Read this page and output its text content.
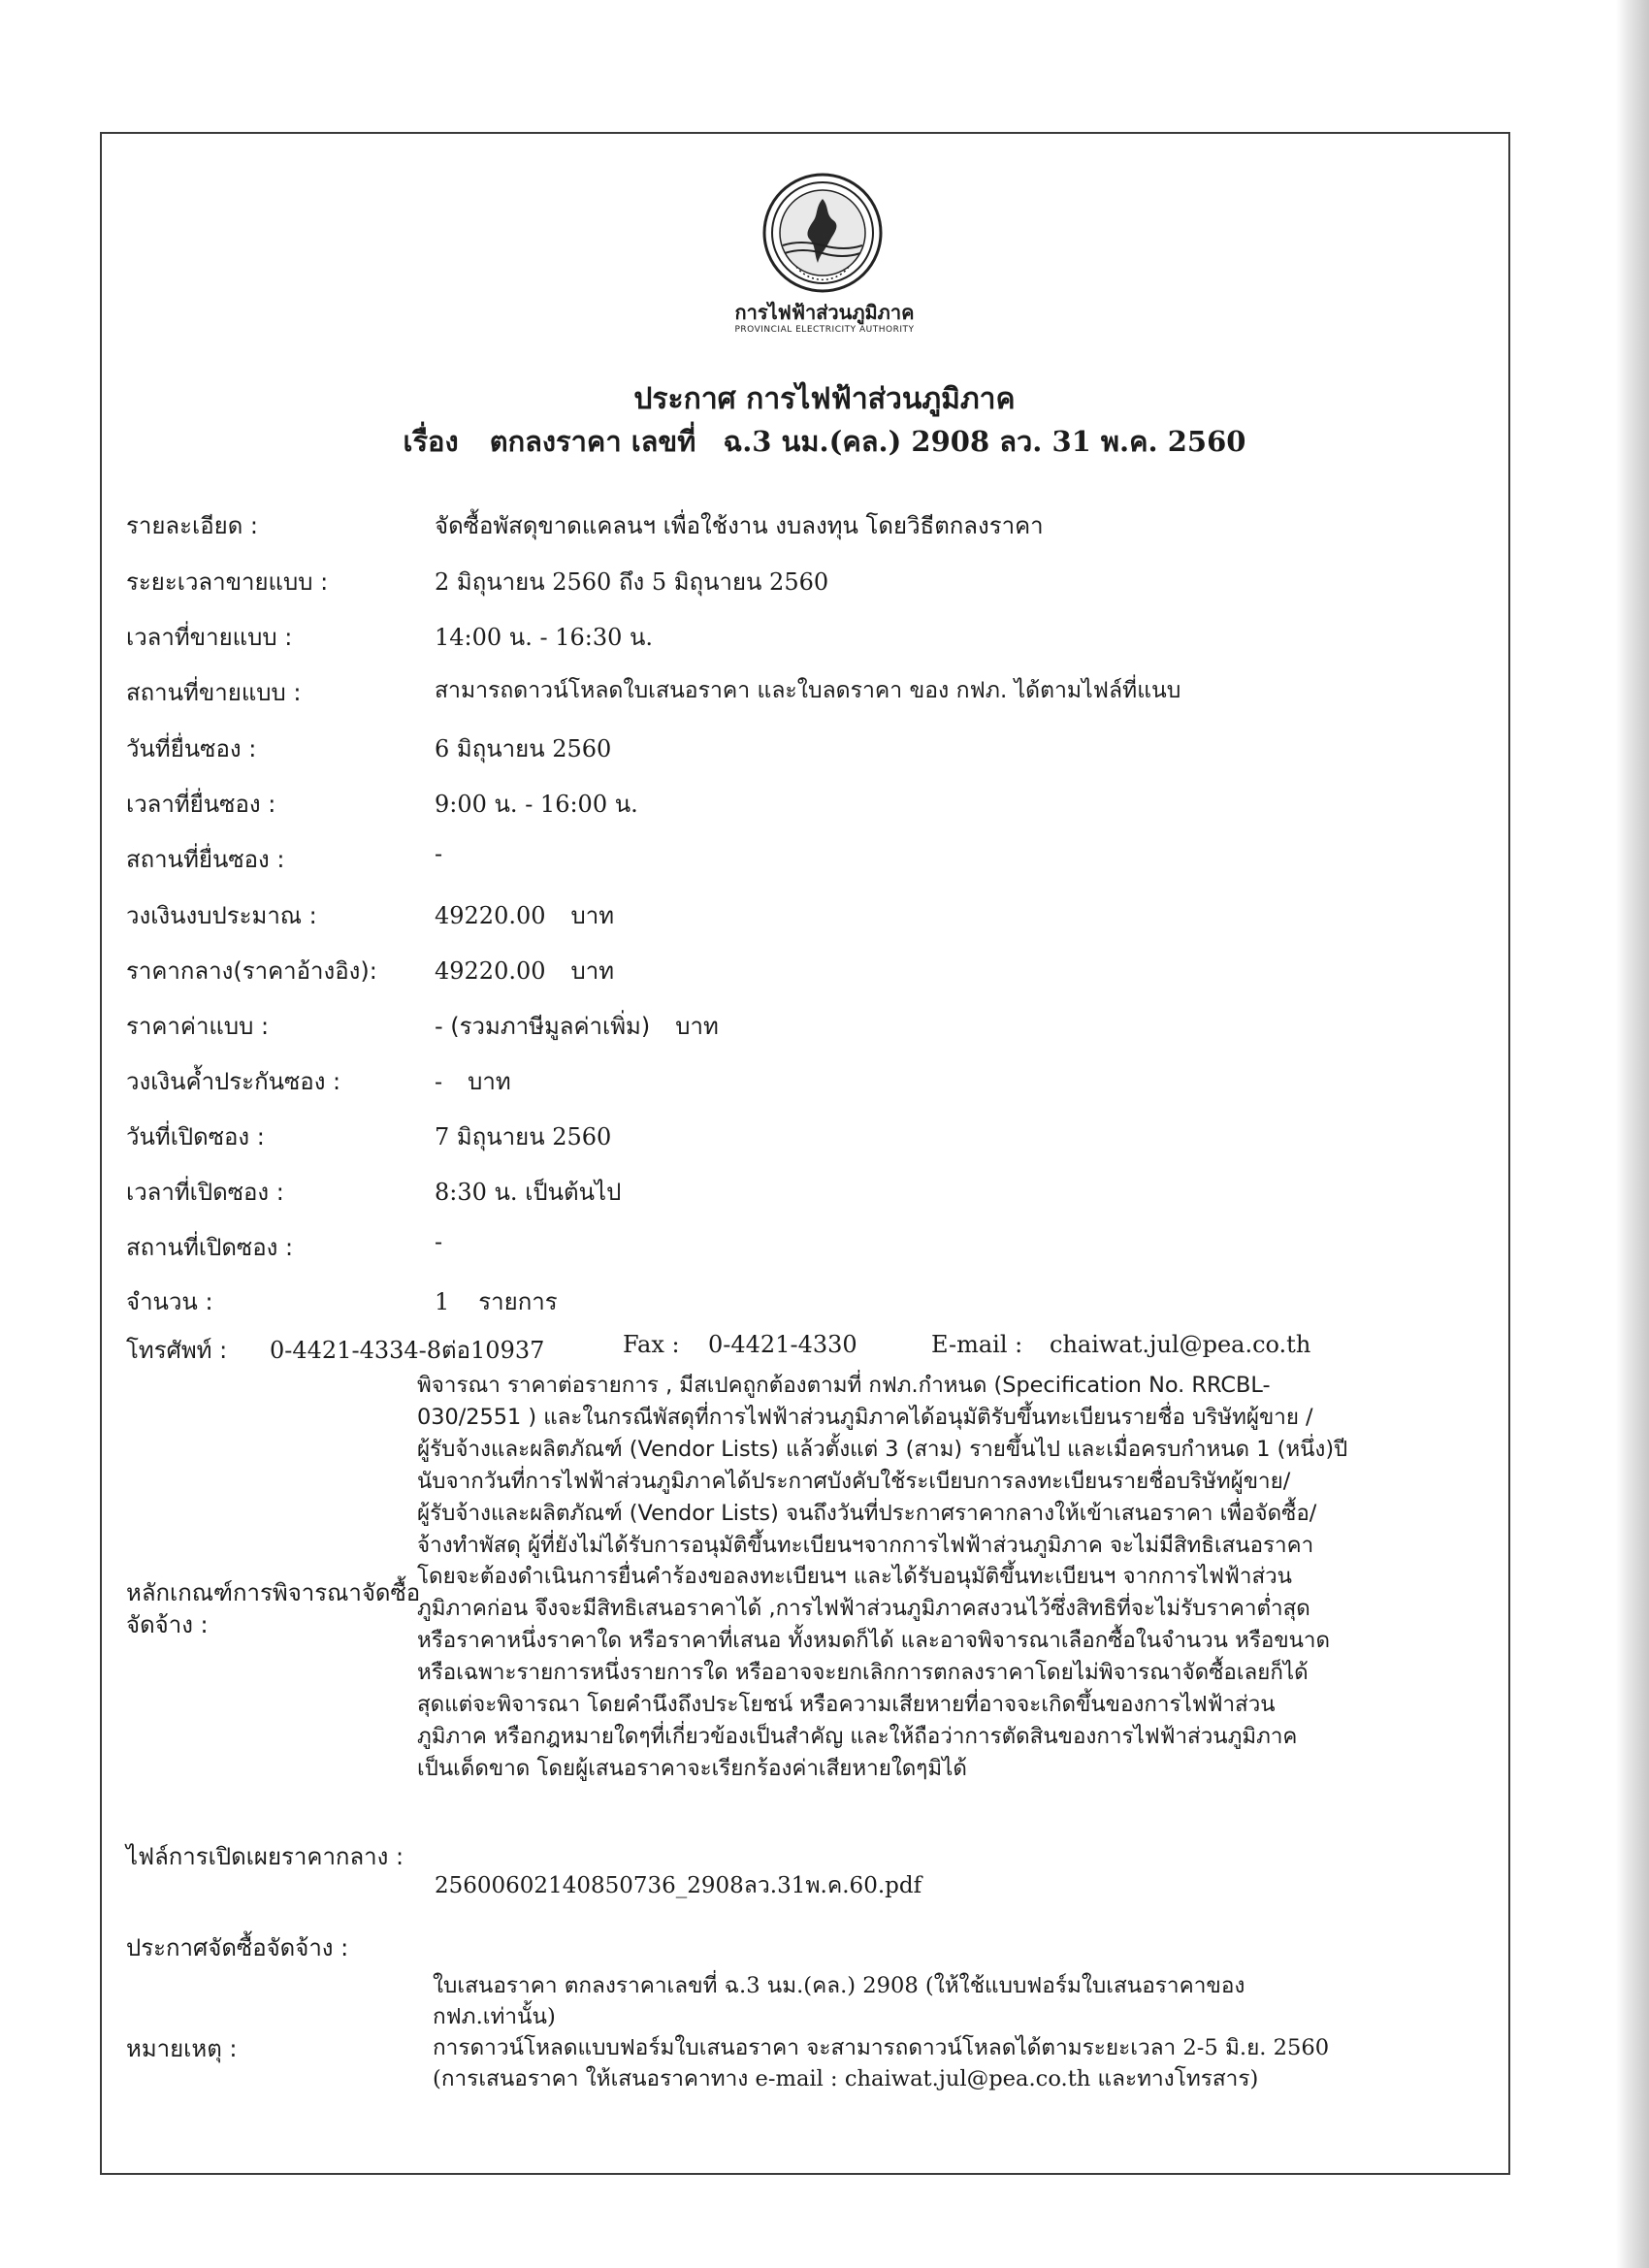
การไฟฟ้าส่วนภูมิภาค
PROVINCIAL ELECTRICITY AUTHORITY
ประกาศ การไฟฟ้าส่วนภูมิภาค
เรื่อง ตกลงราคา เลขที่ ฉ.3 นม.(คล.) 2908 ลว. 31 พ.ค. 2560
รายละเอียด :	จัดซื้อพัสดุขาดแคลนฯ เพื่อใช้งาน งบลงทุน โดยวิธีตกลงราคา
ระยะเวลาขายแบบ :	2 มิถุนายน 2560 ถึง 5 มิถุนายน 2560
เวลาที่ขายแบบ :	14:00 น. - 16:30 น.
สถานที่ขายแบบ :	สามารถดาวน์โหลดใบเสนอราคา และใบลดราคา ของ กฟภ. ได้ตามไฟล์ที่แนบ
วันที่ยื่นซอง :	6 มิถุนายน 2560
เวลาที่ยื่นซอง :	9:00 น. - 16:00 น.
สถานที่ยื่นซอง :	-
วงเงินงบประมาณ :	49220.00 บาท
ราคากลาง(ราคาอ้างอิง): 49220.00 บาท
ราคาค่าแบบ :	- (รวมภาษีมูลค่าเพิ่ม) บาท
วงเงินค้ำประกันซอง :	- บาท
วันที่เปิดซอง :	7 มิถุนายน 2560
เวลาที่เปิดซอง :	8:30 น. เป็นต้นไป
สถานที่เปิดซอง :	-
จำนวน :	1 รายการ
โทรศัพท์ : 0-4421-4334-8ต่อ10937	Fax : 0-4421-4330	E-mail : chaiwat.jul@pea.co.th
หลักเกณฑ์การพิจารณาจัดซื้อจัดจ้าง :
พิจารณา ราคาต่อรายการ , มีสเปคถูกต้องตามที่ กฟภ.กำหนด (Specification No. RRCBL-
030/2551 ) และในกรณีพัสดุที่การไฟฟ้าส่วนภูมิภาคได้อนุมัติรับขึ้นทะเบียนรายชื่อ บริษัทผู้ขาย /
ผู้รับจ้างและผลิตภัณฑ์ (Vendor Lists) แล้วตั้งแต่ 3 (สาม) รายขึ้นไป และเมื่อครบกำหนด 1 (หนึ่ง)ปี
นับจากวันที่การไฟฟ้าส่วนภูมิภาคได้ประกาศบังคับใช้ระเบียบการลงทะเบียนรายชื่อบริษัทผู้ขาย/
ผู้รับจ้างและผลิตภัณฑ์ (Vendor Lists) จนถึงวันที่ประกาศราคากลางให้เข้าเสนอราคา เพื่อจัดซื้อ/
จ้างทำพัสดุ ผู้ที่ยังไม่ได้รับการอนุมัติขึ้นทะเบียนฯจากการไฟฟ้าส่วนภูมิภาค จะไม่มีสิทธิเสนอราคา
โดยจะต้องดำเนินการยื่นคำร้องขอลงทะเบียนฯ และได้รับอนุมัติขึ้นทะเบียนฯ จากการไฟฟ้าส่วน
ภูมิภาคก่อน จึงจะมีสิทธิเสนอราคาได้ ,การไฟฟ้าส่วนภูมิภาคสงวนไว้ซึ่งสิทธิที่จะไม่รับราคาต่ำสุด
หรือราคาหนึ่งราคาใด หรือราคาที่เสนอ ทั้งหมดก็ได้ และอาจพิจารณาเลือกซื้อในจำนวน หรือขนาด
หรือเฉพาะรายการหนึ่งรายการใด หรืออาจจะยกเลิกการตกลงราคาโดยไม่พิจารณาจัดซื้อเลยก็ได้
สุดแต่จะพิจารณา โดยคำนึงถึงประโยชน์ หรือความเสียหายที่อาจจะเกิดขึ้นของการไฟฟ้าส่วน
ภูมิภาค หรือกฎหมายใดๆที่เกี่ยวข้องเป็นสำคัญ และให้ถือว่าการตัดสินของการไฟฟ้าส่วนภูมิภาค
เป็นเด็ดขาด โดยผู้เสนอราคาจะเรียกร้องค่าเสียหายใดๆมิได้
ไฟล์การเปิดเผยราคากลาง :
25600602140850736_2908ลว.31พ.ค.60.pdf
ประกาศจัดซื้อจัดจ้าง :
หมายเหตุ :
ใบเสนอราคา ตกลงราคาเลขที่ ฉ.3 นม.(คล.) 2908 (ให้ใช้แบบฟอร์มใบเสนอราคาของ
กฟภ.เท่านั้น)
การดาวน์โหลดแบบฟอร์มใบเสนอราคา จะสามารถดาวน์โหลดได้ตามระยะเวลา 2-5 มิ.ย. 2560
(การเสนอราคา ให้เสนอราคาทาง e-mail : chaiwat.jul@pea.co.th และทางโทรสาร)
